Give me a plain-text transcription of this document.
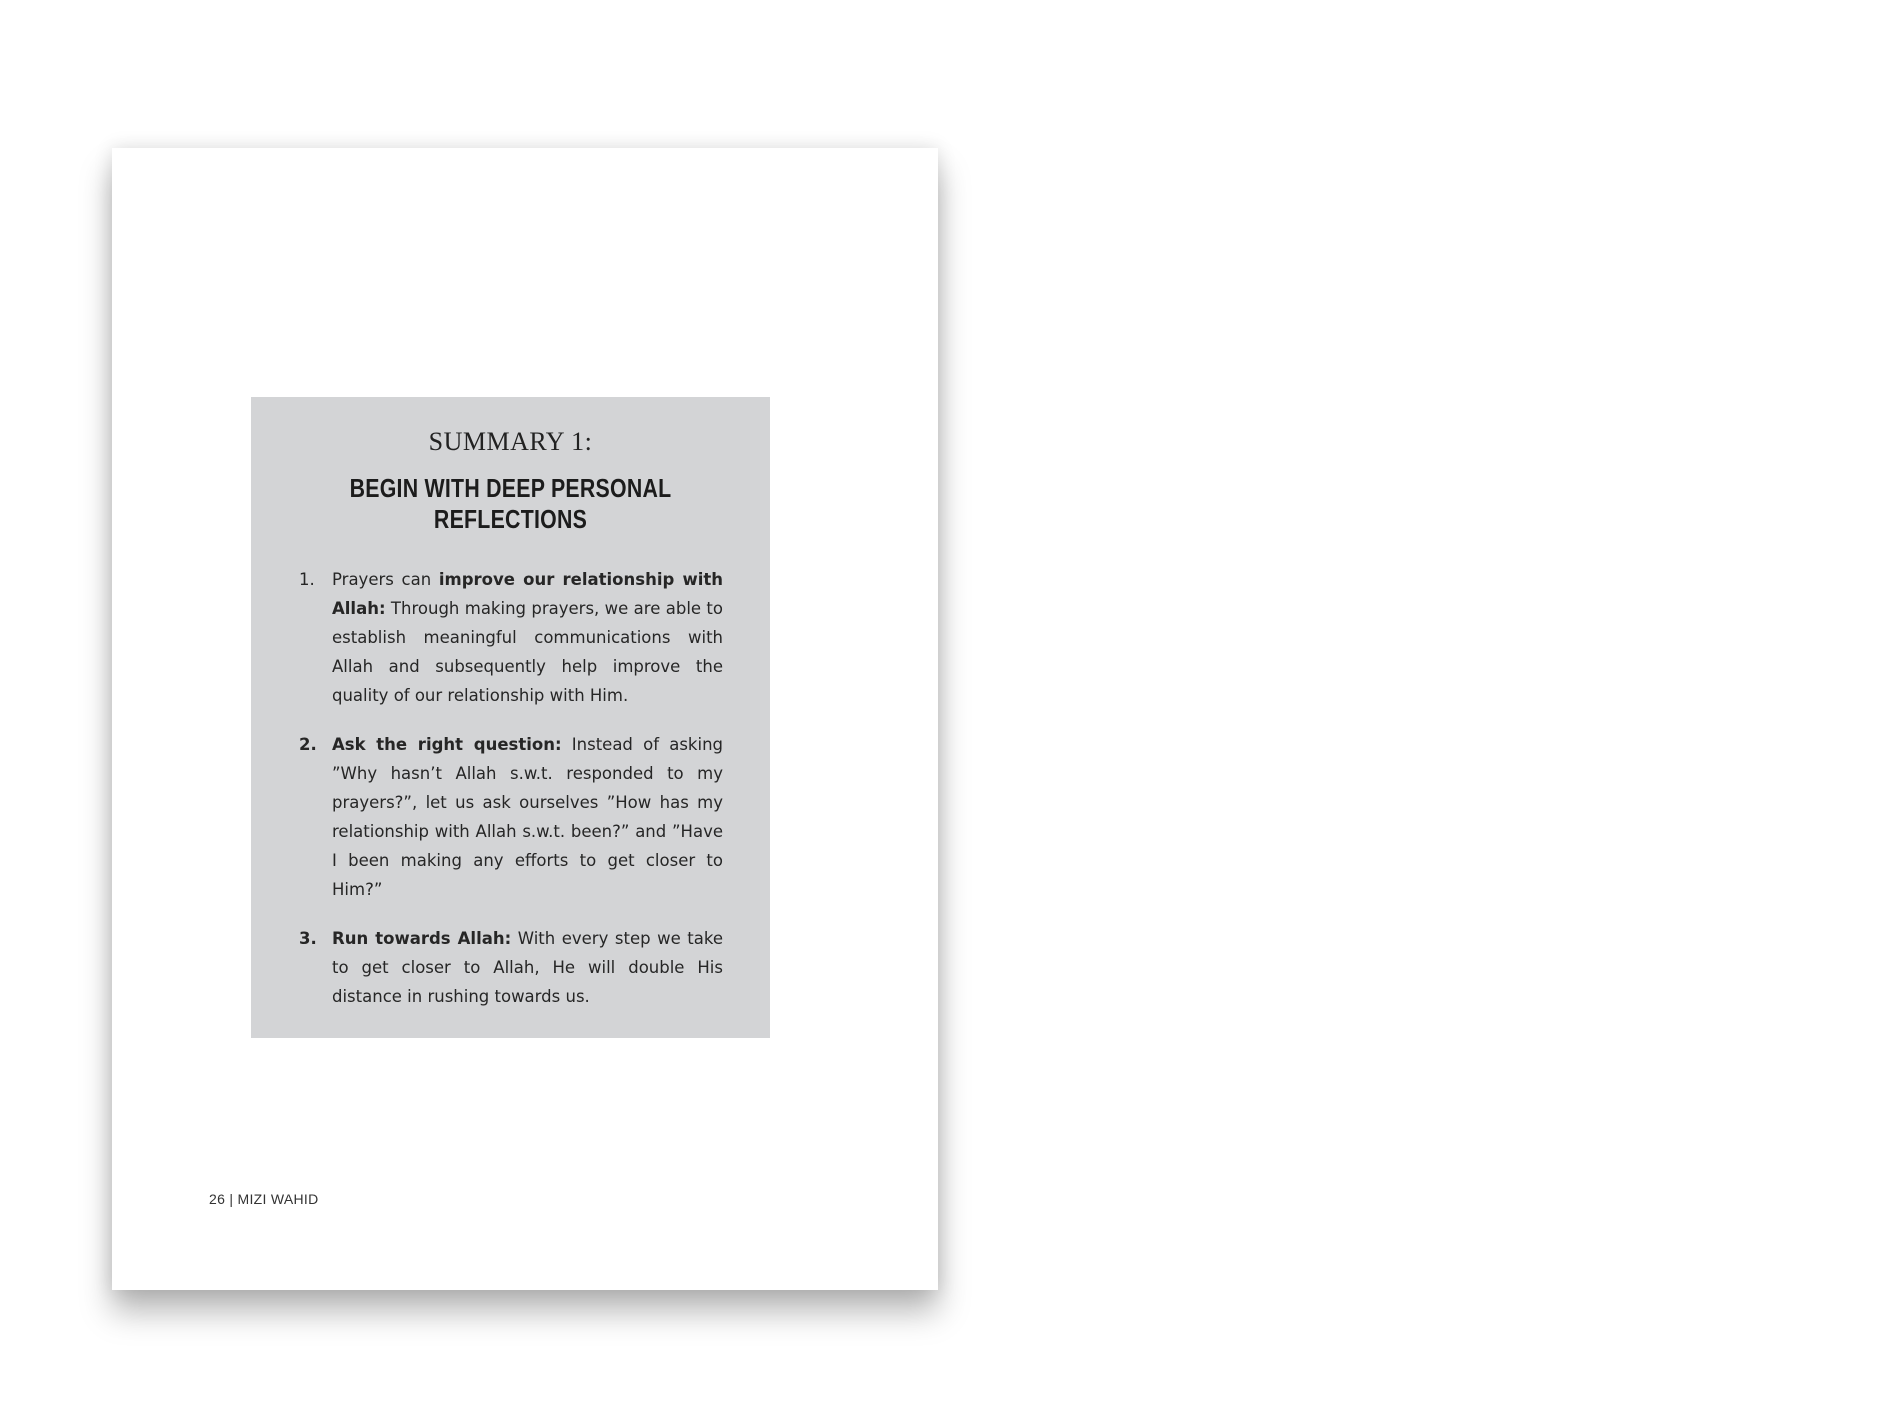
SUMMARY 1:
BEGIN WITH DEEP PERSONAL REFLECTIONS
1. Prayers can improve our relationship with Allah: Through making prayers, we are able to establish meaningful communications with Allah and subsequently help improve the quality of our relationship with Him.
2. Ask the right question: Instead of asking ”Why hasn’t Allah s.w.t. responded to my prayers?”, let us ask ourselves ”How has my relationship with Allah s.w.t. been?” and ”Have I been making any efforts to get closer to Him?”
3. Run towards Allah: With every step we take to get closer to Allah, He will double His distance in rushing towards us.
26 | MIZI WAHID
